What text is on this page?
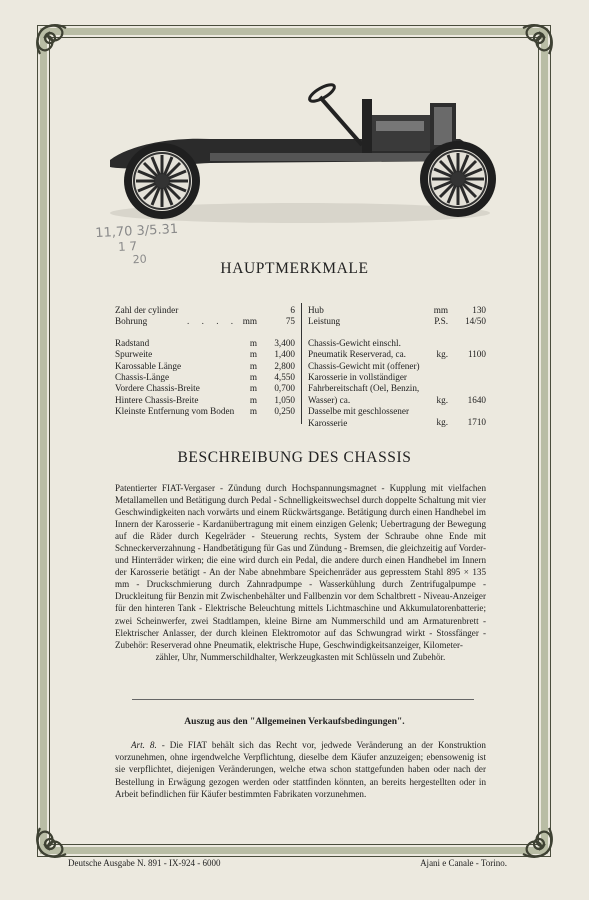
11,70 3/5.31
1 7
20
HAUPTMERKMALE
Zahl der cylinder	6
Bohrung	. . . . mm	75
Radstand	m 3,400
Spurweite	m 1,400
Karossable Länge	m 2,800
Chassis-Länge	m 4,550
Vordere Chassis-Breite	m 0,700
Hintere Chassis-Breite	m 1,050
Kleinste Entfernung vom Boden m 0,250
Hub	mm	130
Leistung	P.S. 14/50
Chassis-Gewicht einschl. Pneumatik Reserverad, ca.	kg. 1100
Chassis-Gewicht mit (offener) Karosserie in vollständiger Fahrbereitschaft (Oel, Benzin, Wasser) ca.	kg. 1640
Dasselbe mit geschlossener Karosserie	kg. 1710
BESCHREIBUNG DES CHASSIS
Patentierter FIAT-Vergaser - Zündung durch Hochspannungsmagnet - Kupplung mit vielfachen Metallamellen und Betätigung durch Pedal - Schnelligkeitswechsel durch doppelte Schaltung mit vier Geschwindigkeiten nach vorwärts und einem Rückwärtsgange. Betätigung durch einen Handhebel im Innern der Karosserie - Kardanübertragung mit einem einzigen Gelenk; Uebertragung der Bewegung auf die Räder durch Kegelräder - Steuerung rechts, System der Schraube ohne Ende mit Schneckerverzahnung - Handbetätigung für Gas und Zündung - Bremsen, die gleichzeitig auf Vorder- und Hinterräder wirken; die eine wird durch ein Pedal, die andere durch einen Handhebel im Innern der Karosserie betätigt - An der Nabe abnehmbare Speichenräder aus gepresstem Stahl 895 × 135 mm - Druckschmierung durch Zahnradpumpe - Wasserkühlung durch Zentrifugalpumpe - Druckleitung für Benzin mit Zwischenbehälter und Fallbenzin vor dem Schaltbrett - Niveau-Anzeiger für den hinteren Tank - Elektrische Beleuchtung mittels Lichtmaschine und Akkumulatorenbatterie; zwei Scheinwerfer, zwei Stadtlampen, kleine Birne am Nummerschild und am Armaturenbrett - Elektrischer Anlasser, der durch kleinen Elektromotor auf das Schwungrad wirkt - Stossfänger - Zubehör: Reserverad ohne Pneumatik, elektrische Hupe, Geschwindigkeitsanzeiger, Kilometer-
zähler, Uhr, Nummerschildhalter, Werkzeugkasten mit Schlüsseln und Zubehör.
Auszug aus den "Allgemeinen Verkaufsbedingungen".
Art. 8. - Die FIAT behält sich das Recht vor, jedwede Veränderung an der Konstruktion vorzunehmen, ohne irgendwelche Verpflichtung, dieselbe dem Käufer anzuzeigen; ebensowenig ist sie verpflichtet, diejenigen Veränderungen, welche etwa schon stattgefunden haben oder nach der Bestellung in Erwägung gezogen werden oder stattfinden könnten, an bereits hergestellten oder in Arbeit befindlichen für Käufer bestimmten Fabrikaten vorzunehmen.
Deutsche Ausgabe N. 891 - IX-924 - 6000	Ajani e Canale - Torino.
